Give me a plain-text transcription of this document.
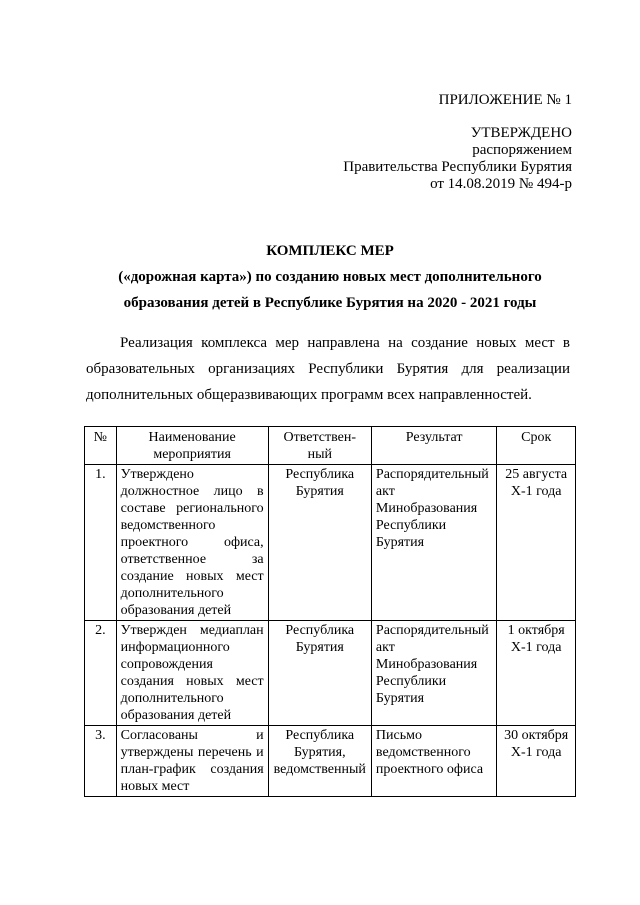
ПРИЛОЖЕНИЕ № 1
УТВЕРЖДЕНО
распоряжением
Правительства Республики Бурятия
от 14.08.2019 № 494-р
КОМПЛЕКС МЕР
(«дорожная карта») по созданию новых мест дополнительного
образования детей в Республике Бурятия на 2020 - 2021 годы
Реализация комплекса мер направлена на создание новых мест в образовательных организациях Республики Бурятия для реализации дополнительных общеразвивающих программ всех направленностей.
№	Наименование мероприятия	Ответствен-ный	Результат	Срок
1.	Утверждено должностное лицо в составе регионального ведомственного проектного офиса, ответственное за создание новых мест дополнительного образования детей	Республика Бурятия	Распорядительный акт Минобразования Республики Бурятия	25 августа Х-1 года
2.	Утвержден медиаплан информационного сопровождения создания новых мест дополнительного образования детей	Республика Бурятия	Распорядительный акт Минобразования Республики Бурятия	1 октября Х-1 года
3.	Согласованы и утверждены перечень и план-график создания новых мест	Республика Бурятия, ведомственный	Письмо ведомственного проектного офиса	30 октября Х-1 года
